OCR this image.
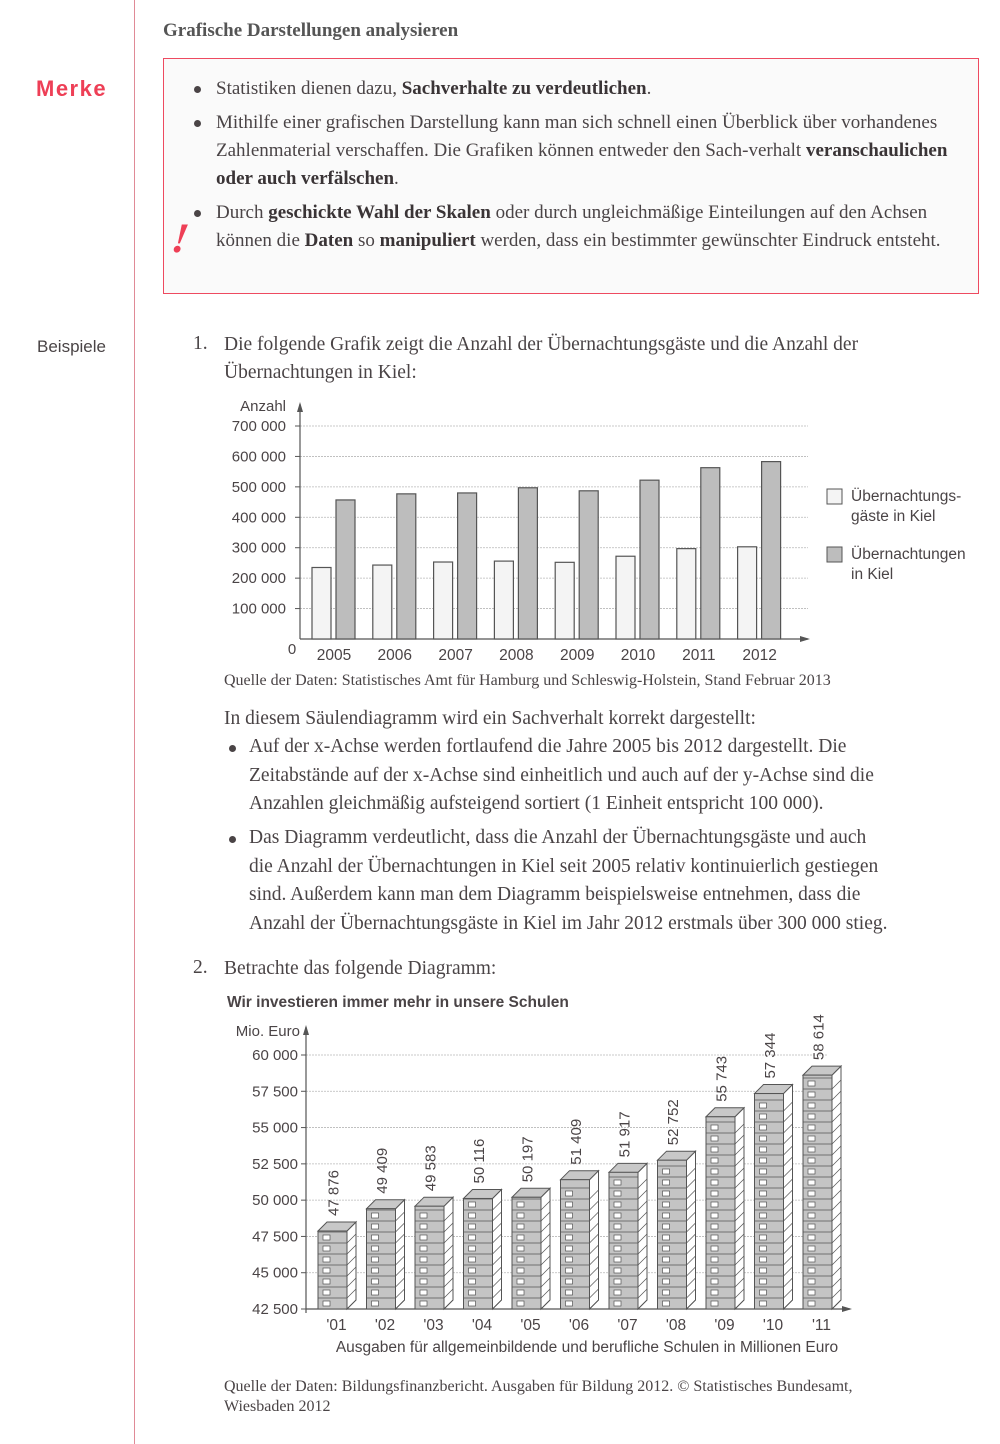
Merke
Beispiele
Grafische Darstellungen analysieren
!
Statistiken dienen dazu, Sachverhalte zu verdeutlichen.
Mithilfe einer grafischen Darstellung kann man sich schnell einen Überblick über vorhandenes Zahlenmaterial verschaffen. Die Grafiken können entweder den Sach-verhalt veranschaulichen oder auch verfälschen.
Durch geschickte Wahl der Skalen oder durch ungleichmäßige Einteilungen auf den Achsen können die Daten so manipuliert werden, dass ein bestimmter gewünschter Eindruck entsteht.
1. Die folgende Grafik zeigt die Anzahl der Übernachtungsgäste und die Anzahl der
Übernachtungen in Kiel:
0
100 000
200 000
300 000
400 000
500 000
600 000
700 000
Anzahl
2005 2006 2007 2008 2009 2010 2011 2012
Übernachtungs-
gäste in Kiel
Übernachtungen
in Kiel
Quelle der Daten: Statistisches Amt für Hamburg und Schleswig-Holstein, Stand Februar 2013
In diesem Säulendiagramm wird ein Sachverhalt korrekt dargestellt:
Auf der x-Achse werden fortlaufend die Jahre 2005 bis 2012 dargestellt. Die
Zeitabstände auf der x-Achse sind einheitlich und auch auf der y-Achse sind die
Anzahlen gleichmäßig aufsteigend sortiert (1 Einheit entspricht 100 000).
Das Diagramm verdeutlicht, dass die Anzahl der Übernachtungsgäste und auch
die Anzahl der Übernachtungen in Kiel seit 2005 relativ kontinuierlich gestiegen
sind. Außerdem kann man dem Diagramm beispielsweise entnehmen, dass die
Anzahl der Übernachtungsgäste in Kiel im Jahr 2012 erstmals über 300 000 stieg.
2. Betrachte das folgende Diagramm:
Wir investieren immer mehr in unsere Schulen
Mio. Euro
42 500
45 000
47 500
50 000
52 500
55 000
57 500
60 000
47 876
'01
49 409
'02
49 583
'03
50 116
'04
50 197
'05
51 409
'06
51 917
'07
52 752
'08
55 743
'09
57 344
'10
58 614
'11
Ausgaben für allgemeinbildende und berufliche Schulen in Millionen Euro
Quelle der Daten: Bildungsfinanzbericht. Ausgaben für Bildung 2012. © Statistisches Bundesamt,
Wiesbaden 2012
